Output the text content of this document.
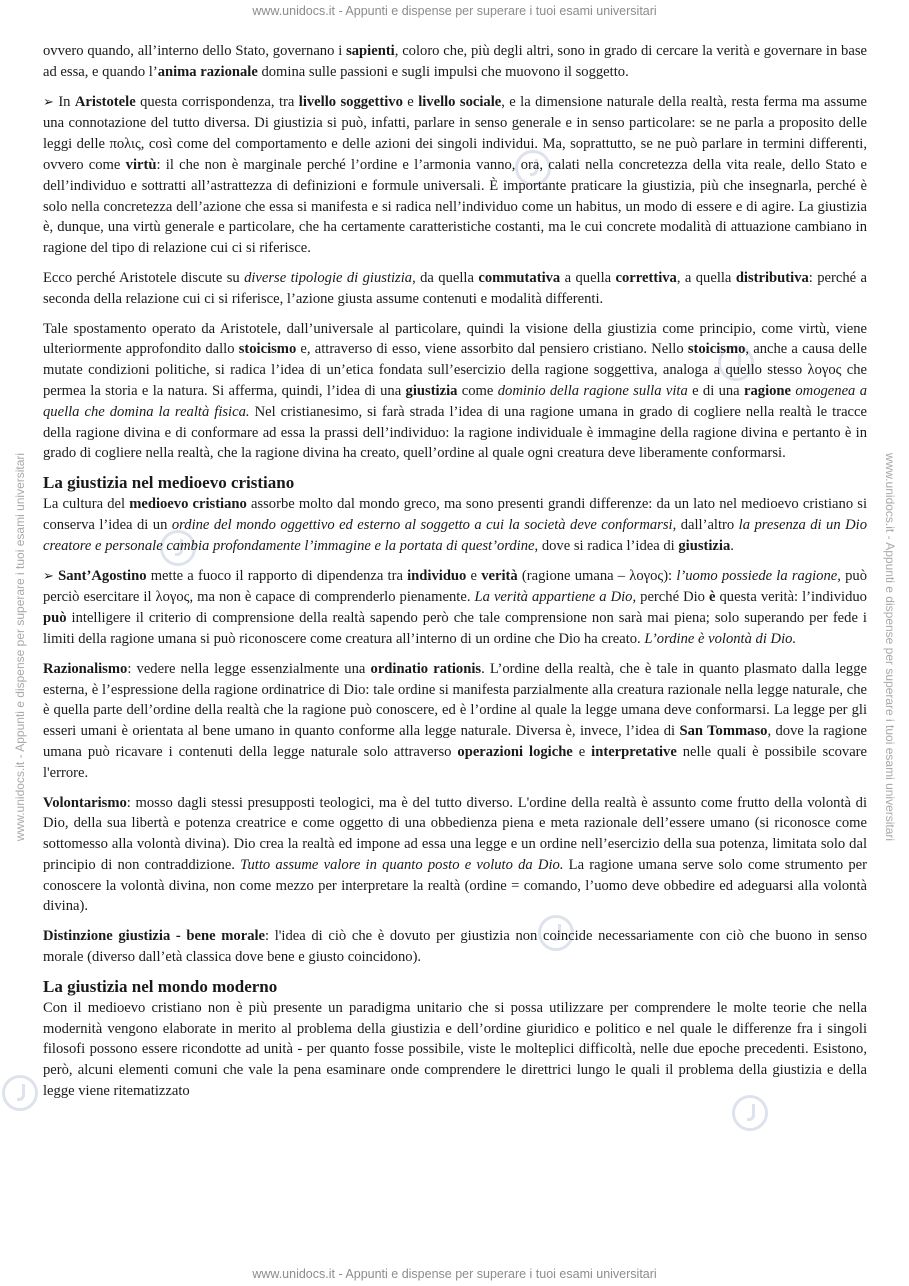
www.unidocs.it - Appunti e dispense per superare i tuoi esami universitari
www.unidocs.it - Appunti e dispense per superare i tuoi esami universitari	www.unidocs.it - Appunti e dispense per superare i tuoi esami universitari

ovvero quando, all’interno dello Stato, governano i sapienti, coloro che, più degli altri, sono in grado di cercare la verità e governare in base ad essa, e quando l’anima razionale domina sulle passioni e sugli impulsi che muovono il soggetto.

➢ In Aristotele questa corrispondenza, tra livello soggettivo e livello sociale, e la dimensione naturale della realtà, resta ferma ma assume una connotazione del tutto diversa. Di giustizia si può, infatti, parlare in senso generale e in senso particolare: se ne parla a proposito delle leggi delle πολις, così come del comportamento e delle azioni dei singoli individui. Ma, soprattutto, se ne può parlare in termini differenti, ovvero come virtù: il che non è marginale perché l’ordine e l’armonia vanno, ora, calati nella concretezza della vita reale, dello Stato e dell’individuo e sottratti all’astrattezza di definizioni e formule universali. È importante praticare la giustizia, più che insegnarla, perché è solo nella concretezza dell’azione che essa si manifesta e si radica nell’individuo come un habitus, un modo di essere e di agire. La giustizia è, dunque, una virtù generale e particolare, che ha certamente caratteristiche costanti, ma le cui concrete modalità di attuazione cambiano in ragione del tipo di relazione cui ci si riferisce.

Ecco perché Aristotele discute su diverse tipologie di giustizia, da quella commutativa a quella correttiva, a quella distributiva: perché a seconda della relazione cui ci si riferisce, l’azione giusta assume contenuti e modalità differenti.

Tale spostamento operato da Aristotele, dall’universale al particolare, quindi la visione della giustizia come principio, come virtù, viene ulteriormente approfondito dallo stoicismo e, attraverso di esso, viene assorbito dal pensiero cristiano. Nello stoicismo, anche a causa delle mutate condizioni politiche, si radica l’idea di un’etica fondata sull’esercizio della ragione soggettiva, analoga a quello stesso λογος che permea la storia e la natura. Si afferma, quindi, l’idea di una giustizia come dominio della ragione sulla vita e di una ragione omogenea a quella che domina la realtà fisica. Nel cristianesimo, si farà strada l’idea di una ragione umana in grado di cogliere nella realtà le tracce della ragione divina e di conformare ad essa la prassi dell’individuo: la ragione individuale è immagine della ragione divina e pertanto è in grado di cogliere nella realtà, che la ragione divina ha creato, quell’ordine al quale ogni creatura deve liberamente conformarsi.

La giustizia nel medioevo cristiano

La cultura del medioevo cristiano assorbe molto dal mondo greco, ma sono presenti grandi differenze: da un lato nel medioevo cristiano si conserva l’idea di un ordine del mondo oggettivo ed esterno al soggetto a cui la società deve conformarsi, dall’altro la presenza di un Dio creatore e personale cambia profondamente l’immagine e la portata di quest’ordine, dove si radica l’idea di giustizia.

➢ Sant’Agostino mette a fuoco il rapporto di dipendenza tra individuo e verità (ragione umana – λογος): l’uomo possiede la ragione, può perciò esercitare il λογος, ma non è capace di comprenderlo pienamente. La verità appartiene a Dio, perché Dio è questa verità: l’individuo può intelligere il criterio di comprensione della realtà sapendo però che tale comprensione non sarà mai piena; solo superando per fede i limiti della ragione umana si può riconoscere come creatura all’interno di un ordine che Dio ha creato. L’ordine è volontà di Dio.

Razionalismo: vedere nella legge essenzialmente una ordinatio rationis. L’ordine della realtà, che è tale in quanto plasmato dalla legge esterna, è l’espressione della ragione ordinatrice di Dio: tale ordine si manifesta parzialmente alla creatura razionale nella legge naturale, che è quella parte dell’ordine della realtà che la ragione può conoscere, ed è l’ordine al quale la legge umana deve conformarsi. La legge per gli esseri umani è orientata al bene umano in quanto conforme alla legge naturale. Diversa è, invece, l’idea di San Tommaso, dove la ragione umana può ricavare i contenuti della legge naturale solo attraverso operazioni logiche e interpretative nelle quali è possibile scovare l'errore.

Volontarismo: mosso dagli stessi presupposti teologici, ma è del tutto diverso. L'ordine della realtà è assunto come frutto della volontà di Dio, della sua libertà e potenza creatrice e come oggetto di una obbedienza piena e meta razionale dell’essere umano (si riconosce come sottomesso alla volontà divina). Dio crea la realtà ed impone ad essa una legge e un ordine nell’esercizio della sua potenza, limitata solo dal principio di non contraddizione. Tutto assume valore in quanto posto e voluto da Dio. La ragione umana serve solo come strumento per conoscere la volontà divina, non come mezzo per interpretare la realtà (ordine = comando, l’uomo deve obbedire ed adeguarsi alla volontà divina).

Distinzione giustizia - bene morale: l'idea di ciò che è dovuto per giustizia non coincide necessariamente con ciò che buono in senso morale (diverso dall’età classica dove bene e giusto coincidono).

La giustizia nel mondo moderno

Con il medioevo cristiano non è più presente un paradigma unitario che si possa utilizzare per comprendere le molte teorie che nella modernità vengono elaborate in merito al problema della giustizia e dell’ordine giuridico e politico e nel quale le differenze fra i singoli filosofi possono essere ricondotte ad unità - per quanto fosse possibile, viste le molteplici difficoltà, nelle due epoche precedenti. Esistono, però, alcuni elementi comuni che vale la pena esaminare onde comprendere le direttrici lungo le quali il problema della giustizia e della legge viene ritematizzato

www.unidocs.it - Appunti e dispense per superare i tuoi esami universitari
